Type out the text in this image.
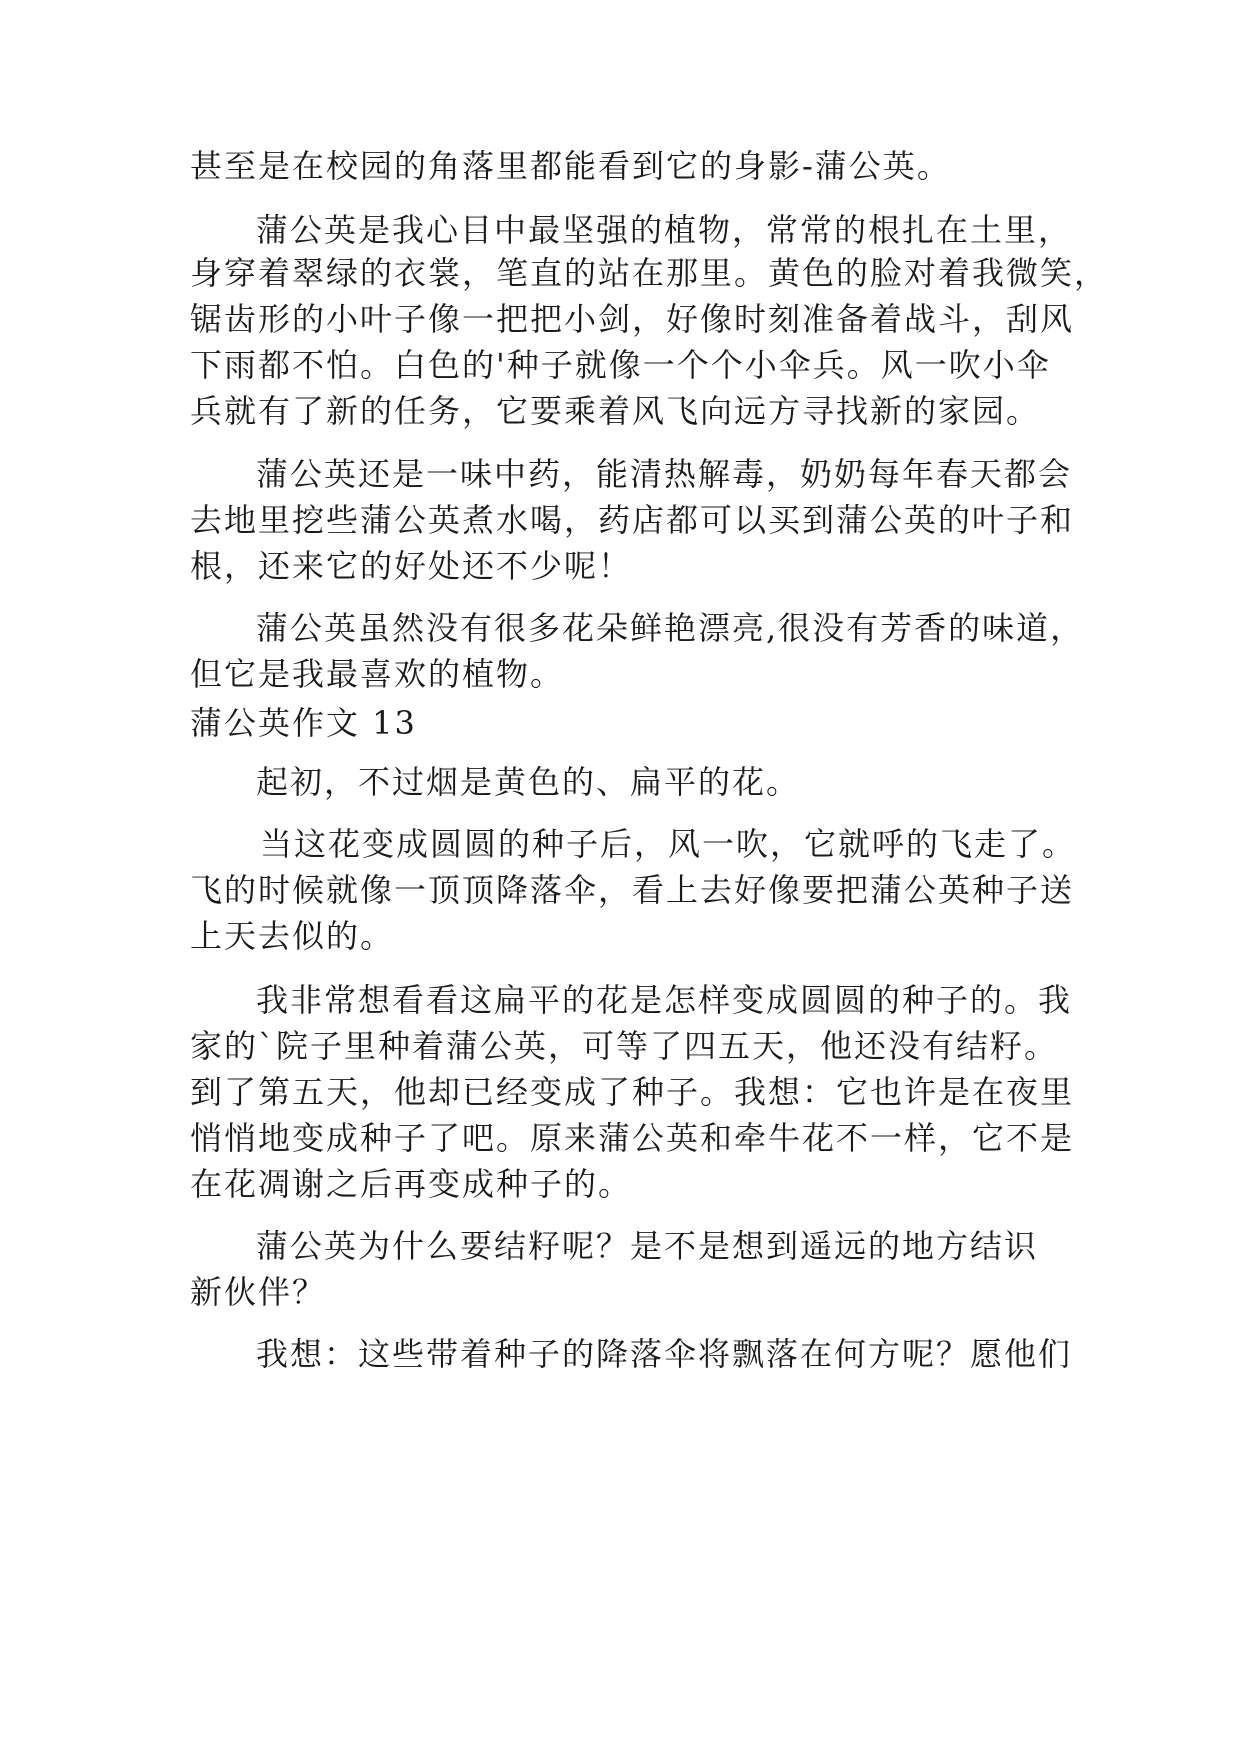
甚至是在校园的角落里都能看到它的身影-蒲公英。
蒲公英是我心目中最坚强的植物，常常的根扎在土里，
身穿着翠绿的衣裳，笔直的站在那里。黄色的脸对着我微笑，
锯齿形的小叶子像一把把小剑，好像时刻准备着战斗，刮风
下雨都不怕。白色的'种子就像一个个小伞兵。风一吹小伞
兵就有了新的任务，它要乘着风飞向远方寻找新的家园。
蒲公英还是一味中药，能清热解毒，奶奶每年春天都会
去地里挖些蒲公英煮水喝，药店都可以买到蒲公英的叶子和
根，还来它的好处还不少呢！
蒲公英虽然没有很多花朵鲜艳漂亮,很没有芳香的味道，
但它是我最喜欢的植物。
蒲公英作文 13
起初，不过烟是黄色的、扁平的花。
当这花变成圆圆的种子后，风一吹，它就呼的飞走了。
飞的时候就像一顶顶降落伞，看上去好像要把蒲公英种子送
上天去似的。
我非常想看看这扁平的花是怎样变成圆圆的种子的。我
家的`院子里种着蒲公英，可等了四五天，他还没有结籽。
到了第五天，他却已经变成了种子。我想：它也许是在夜里
悄悄地变成种子了吧。原来蒲公英和牵牛花不一样，它不是
在花凋谢之后再变成种子的。
蒲公英为什么要结籽呢？是不是想到遥远的地方结识
新伙伴？
我想：这些带着种子的降落伞将飘落在何方呢？愿他们
